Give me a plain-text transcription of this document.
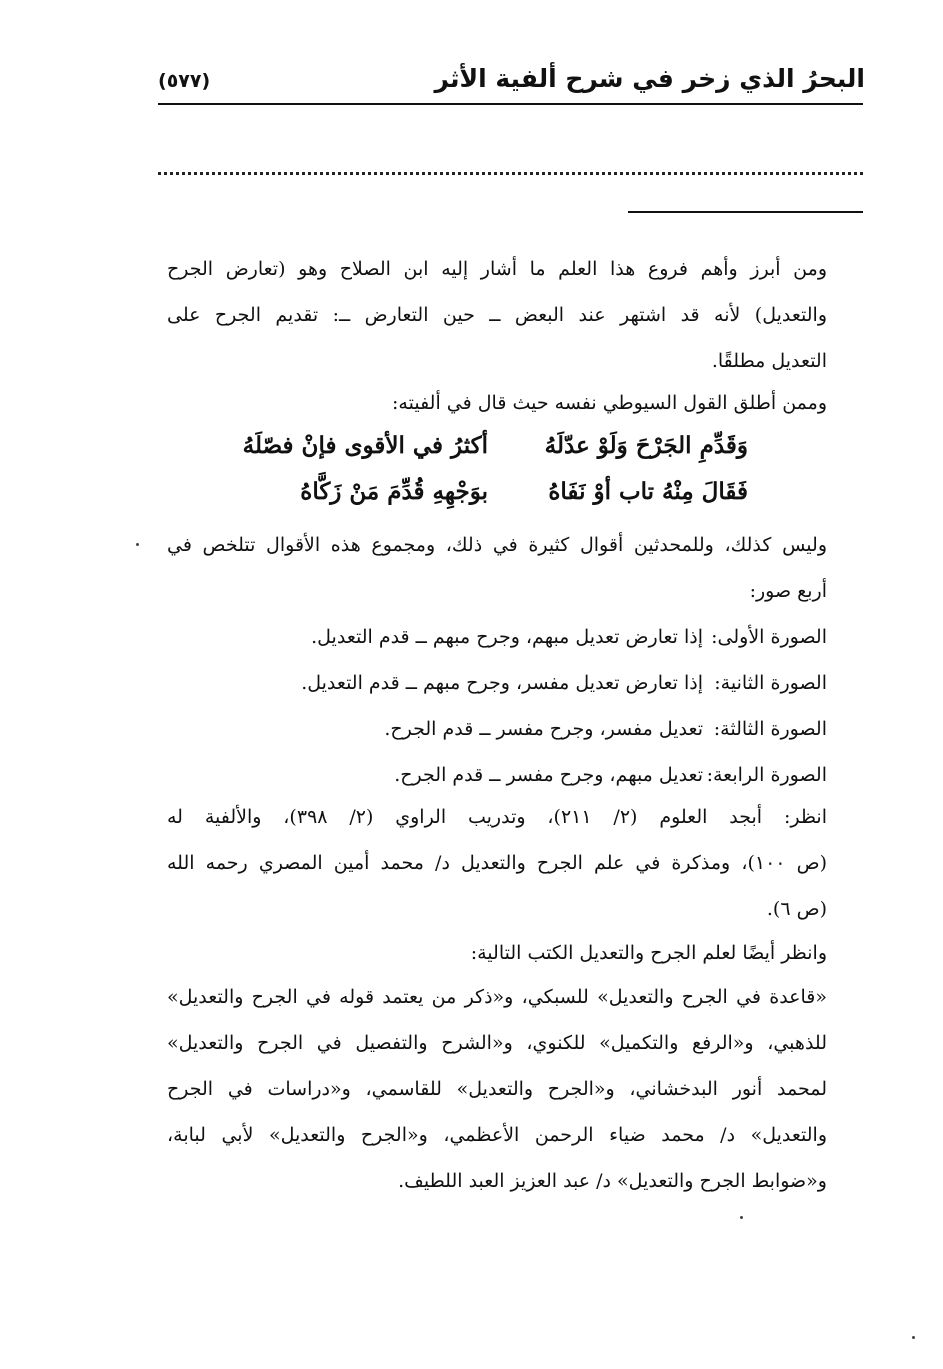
البحرُ الذي زخر في شرح ألفية الأثر
(٥٧٧)
ومن أبرز وأهم فروع هذا العلم ما أشار إليه ابن الصلاح وهو (تعارض الجرح
والتعديل) لأنه قد اشتهر عند البعض ــ حين التعارض ــ: تقديم الجرح على
التعديل مطلقًا.
وممن أطلق القول السيوطي نفسه حيث قال في ألفيته:
وَقَدِّمِ الجَرْحَ وَلَوْ عدّلَهُ
أكثرُ في الأقوى فإنْ فصّلَهُ
فَقَالَ مِنْهُ تاب أوْ نَفَاهُ
بوَجْهِهِ قُدِّمَ مَنْ زَكَّاهُ
وليس كذلك، وللمحدثين أقوال كثيرة في ذلك، ومجموع هذه الأقوال تتلخص في
أربع صور:
الصورة الأولى:
إذا تعارض تعديل مبهم، وجرح مبهم ــ قدم التعديل.
الصورة الثانية:
إذا تعارض تعديل مفسر، وجرح مبهم ــ قدم التعديل.
الصورة الثالثة:
تعديل مفسر، وجرح مفسر ــ قدم الجرح.
الصورة الرابعة:
تعديل مبهم، وجرح مفسر ــ قدم الجرح.
انظر: أبجد العلوم (٢/ ٢١١)، وتدريب الراوي (٢/ ٣٩٨)، والألفية له
(ص ١٠٠)، ومذكرة في علم الجرح والتعديل د/ محمد أمين المصري رحمه الله
(ص ٦).
وانظر أيضًا لعلم الجرح والتعديل الكتب التالية:
«قاعدة في الجرح والتعديل» للسبكي، و«ذكر من يعتمد قوله في الجرح والتعديل»
للذهبي، و«الرفع والتكميل» للكنوي، و«الشرح والتفصيل في الجرح والتعديل»
لمحمد أنور البدخشاني، و«الجرح والتعديل» للقاسمي، و«دراسات في الجرح
والتعديل» د/ محمد ضياء الرحمن الأعظمي، و«الجرح والتعديل» لأبي لبابة،
و«ضوابط الجرح والتعديل» د/ عبد العزيز العبد اللطيف.
